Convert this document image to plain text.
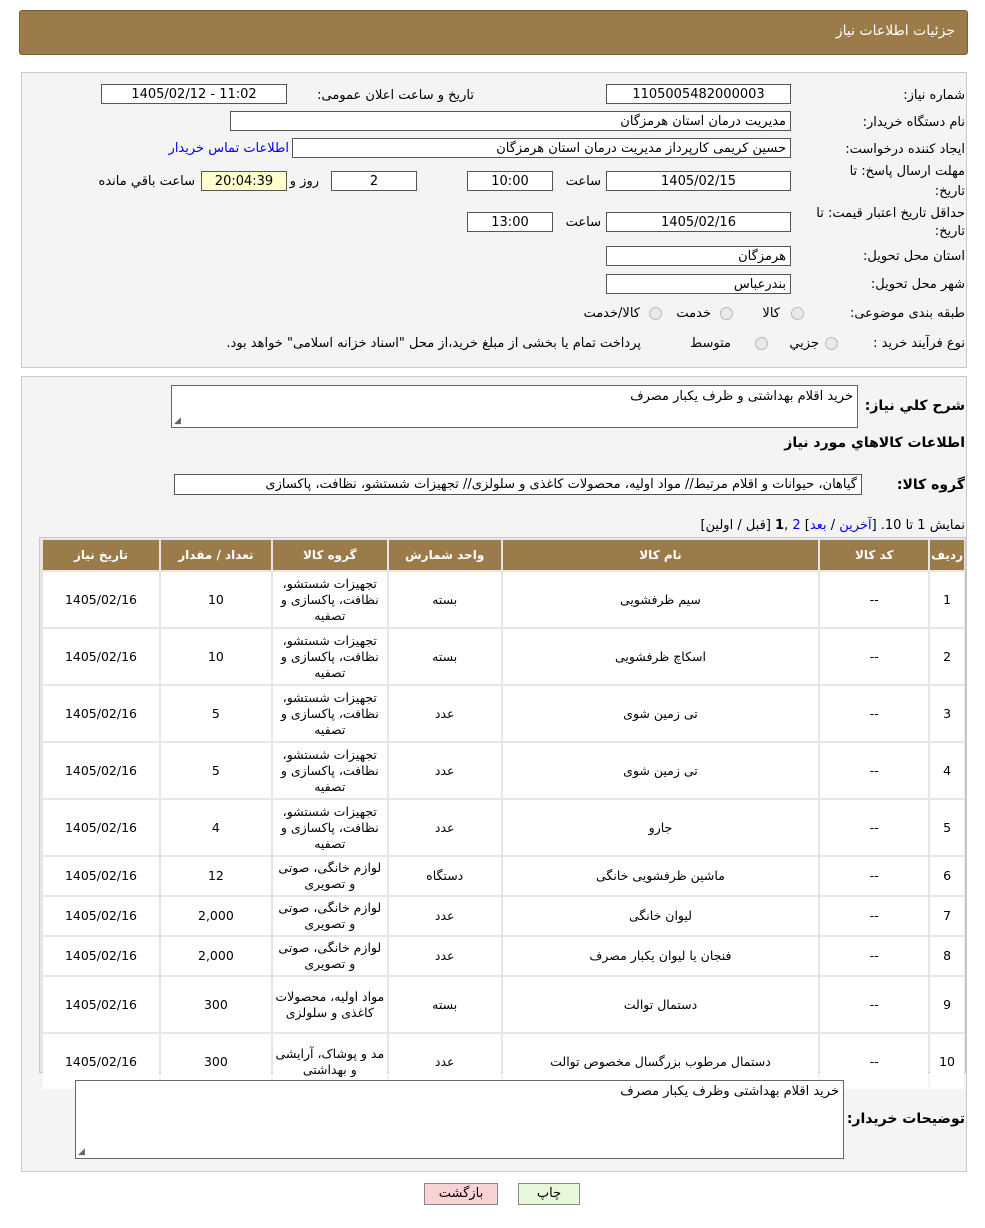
جزئیات اطلاعات نیاز
شماره نیاز:
1105005482000003
تاریخ و ساعت اعلان عمومی:
1405/02/12 - 11:02
نام دستگاه خریدار:
مدیریت درمان استان هرمزگان
ایجاد کننده درخواست:
حسین کریمی کارپرداز مدیریت درمان استان هرمزگان
اطلاعات تماس خریدار
مهلت ارسال پاسخ: تا
تاریخ:
1405/02/15
ساعت
10:00
2
روز و
20:04:39
ساعت باقي مانده
حداقل تاريخ اعتبار قيمت: تا
تاریخ:
1405/02/16
ساعت
13:00
استان محل تحویل:
هرمزگان
شهر محل تحویل:
بندرعباس
طبقه بندی موضوعی:
کالا
خدمت
کالا/خدمت
نوع فرآیند خرید :
جزیي
متوسط
پرداخت تمام یا بخشی از مبلغ خرید،از محل "اسناد خزانه اسلامی" خواهد بود.
شرح کلي نياز:
خرید اقلام بهداشتی و ظرف یکبار مصرف
◢
اطلاعات کالاهاي مورد نياز
گروه کالا:
گیاهان، حیوانات و اقلام مرتبط// مواد اولیه، محصولات کاغذی و سلولزی// تجهیزات شستشو، نظافت، پاکسازی
نمایش 1 تا 10. [آخرین / بعد] 2 ,1 [قبل / اولین]
ردیف	کد کالا	نام کالا	واحد شمارش	گروه کالا	تعداد / مقدار	تاریخ نیاز
1	--	سیم ظرفشویی	بسته	تجهیزات شستشو، نظافت، پاکسازی و تصفیه	10	1405/02/16
2	--	اسکاچ ظرفشویی	بسته	تجهیزات شستشو، نظافت، پاکسازی و تصفیه	10	1405/02/16
3	--	تی زمین شوی	عدد	تجهیزات شستشو، نظافت، پاکسازی و تصفیه	5	1405/02/16
4	--	تی زمین شوی	عدد	تجهیزات شستشو، نظافت، پاکسازی و تصفیه	5	1405/02/16
5	--	جارو	عدد	تجهیزات شستشو، نظافت، پاکسازی و تصفیه	4	1405/02/16
6	--	ماشین ظرفشویی خانگی	دستگاه	لوازم خانگی، صوتی و تصویری	12	1405/02/16
7	--	لیوان خانگی	عدد	لوازم خانگی، صوتی و تصویری	2,000	1405/02/16
8	--	فنجان یا لیوان یکبار مصرف	عدد	لوازم خانگی، صوتی و تصویری	2,000	1405/02/16
9	--	دستمال توالت	بسته	مواد اولیه، محصولات کاغذی و سلولزی	300	1405/02/16
10	--	دستمال مرطوب بزرگسال مخصوص توالت	عدد	مد و پوشاک، آرایشی و بهداشتی	300	1405/02/16
توضیحات خریدار:
خرید اقلام بهداشتی وظرف یکبار مصرف
◢
چاپ
بازگشت
